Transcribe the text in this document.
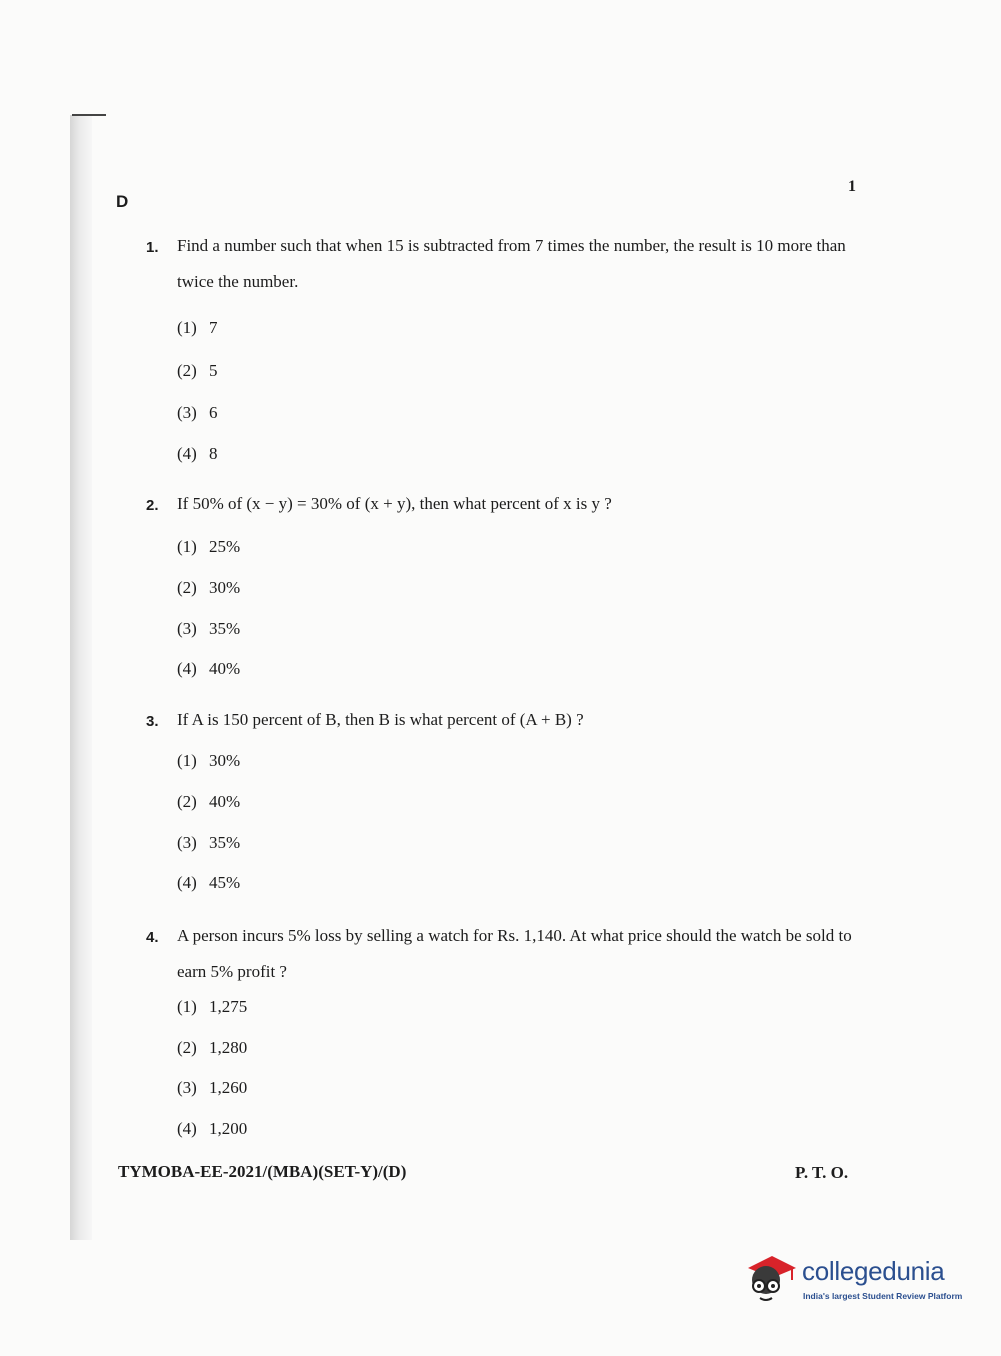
D
1
1. Find a number such that when 15 is subtracted from 7 times the number, the result is 10 more than twice the number.
(1) 7
(2) 5
(3) 6
(4) 8
2. If 50% of (x − y) = 30% of (x + y), then what percent of x is y ?
(1) 25%
(2) 30%
(3) 35%
(4) 40%
3. If A is 150 percent of B, then B is what percent of (A + B) ?
(1) 30%
(2) 40%
(3) 35%
(4) 45%
4. A person incurs 5% loss by selling a watch for Rs. 1,140. At what price should the watch be sold to earn 5% profit ?
(1) 1,275
(2) 1,280
(3) 1,260
(4) 1,200
TYMOBA-EE-2021/(MBA)(SET-Y)/(D)	P. T. O.
collegedunia
India's largest Student Review Platform
